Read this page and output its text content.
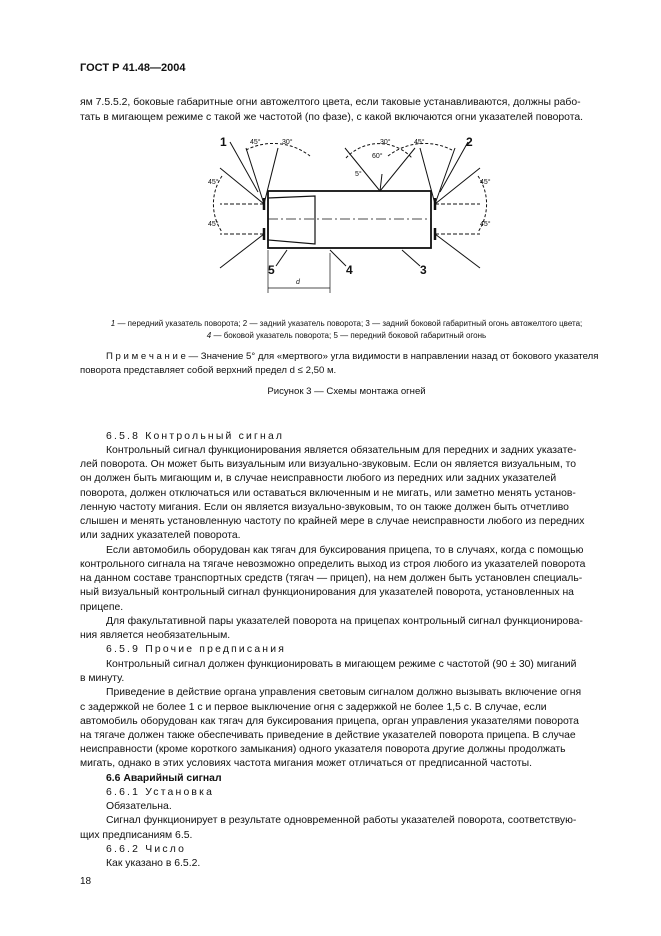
ГОСТ Р 41.48—2004
ям 7.5.5.2, боковые габаритные огни автожелтого цвета, если таковые устанавливаются, должны рабо-
тать в мигающем режиме с такой же частотой (по фазе), с какой включаются огни указателей поворота.
1	2
3
4
5
45°
45°
45°	30°	30°	45°
45°
45°
5°
60°
d
1 — передний указатель поворота; 2 — задний указатель поворота; 3 — задний боковой габаритный огонь автожелтого цвета;
4 — боковой указатель поворота; 5 — передний боковой габаритный огонь
П р и м е ч а н и е — Значение 5° для «мертвого» угла видимости в направлении назад от бокового указателя
поворота представляет собой верхний предел d ≤ 2,50 м.
Рисунок 3 — Схемы монтажа огней
6.5.8 Контрольный сигнал
Контрольный сигнал функционирования является обязательным для передних и задних указате-
лей поворота. Он может быть визуальным или визуально-звуковым. Если он является визуальным, то
он должен быть мигающим и, в случае неисправности любого из передних или задних указателей
поворота, должен отключаться или оставаться включенным и не мигать, или заметно менять установ-
ленную частоту мигания. Если он является визуально-звуковым, то он также должен быть отчетливо
слышен и менять установленную частоту по крайней мере в случае неисправности любого из передних
или задних указателей поворота.
Если автомобиль оборудован как тягач для буксирования прицепа, то в случаях, когда с помощью
контрольного сигнала на тягаче невозможно определить выход из строя любого из указателей поворота
на данном составе транспортных средств (тягач — прицеп), на нем должен быть установлен специаль-
ный визуальный контрольный сигнал функционирования для указателей поворота, установленных на
прицепе.
Для факультативной пары указателей поворота на прицепах контрольный сигнал функционирова-
ния является необязательным.
6.5.9 Прочие предписания
Контрольный сигнал должен функционировать в мигающем режиме с частотой (90 ± 30) миганий
в минуту.
Приведение в действие органа управления световым сигналом должно вызывать включение огня
с задержкой не более 1 с и первое выключение огня с задержкой не более 1,5 с. В случае, если
автомобиль оборудован как тягач для буксирования прицепа, орган управления указателями поворота
на тягаче должен также обеспечивать приведение в действие указателей поворота прицепа. В случае
неисправности (кроме короткого замыкания) одного указателя поворота другие должны продолжать
мигать, однако в этих условиях частота мигания может отличаться от предписанной частоты.
6.6 Аварийный сигнал
6.6.1 Установка
Обязательна.
Сигнал функционирует в результате одновременной работы указателей поворота, соответствую-
щих предписаниям 6.5.
6.6.2 Число
Как указано в 6.5.2.
18
